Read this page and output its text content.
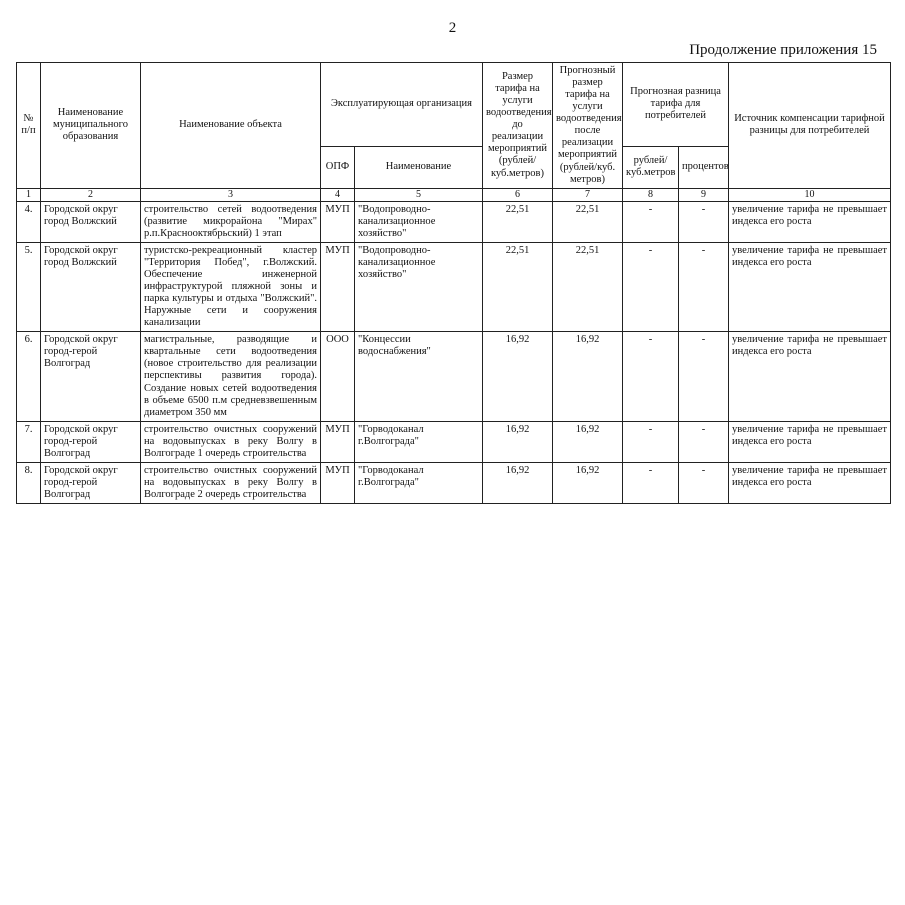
2
Продолжение приложения 15
№ п/п	Наименование муниципального образования	Наименование объекта	Эксплуатирующая организация		Размер тарифа на услуги водоотведения до реализации мероприятий (рублей/куб.метров)	Прогнозный размер тарифа на услуги водоотведения после реализации мероприятий (рублей/куб. метров)	Прогнозная разница тарифа для потребителей		Источник компенсации тарифной разницы для потребителей
			ОПФ	Наименование			рублей/куб.метров	процентов	
1	2	3	4	5	6	7	8	9	10
4.	Городской округ город Волжский	строительство сетей водоотведения (развитие микрорайона "Мирах" р.п.Краснооктябрьский) 1 этап	МУП	"Водопроводно-канализационное хозяйство"	22,51	22,51	-	-	увеличение тарифа не превышает индекса его роста
5.	Городской округ город Волжский	туристско-рекреационный кластер "Территория Побед", г.Волжский. Обеспечение инженерной инфраструктурой пляжной зоны и парка культуры и отдыха "Волжский". Наружные сети и сооружения канализации	МУП	"Водопроводно-канализационное хозяйство"	22,51	22,51	-	-	увеличение тарифа не превышает индекса его роста
6.	Городской округ город-герой Волгоград	магистральные, разводящие и квартальные сети водоотведения (новое строительство для реализации перспективы развития города). Создание новых сетей водоотведения в объеме 6500 п.м средневзвешенным диаметром 350 мм	ООО	"Концессии водоснабжения"	16,92	16,92	-	-	увеличение тарифа не превышает индекса его роста
7.	Городской округ город-герой Волгоград	строительство очистных сооружений на водовыпусках в реку Волгу в Волгограде 1 очередь строительства	МУП	"Горводоканал г.Волгограда"	16,92	16,92	-	-	увеличение тарифа не превышает индекса его роста
8.	Городской округ город-герой Волгоград	строительство очистных сооружений на водовыпусках в реку Волгу в Волгограде 2 очередь строительства	МУП	"Горводоканал г.Волгограда"	16,92	16,92	-	-	увеличение тарифа не превышает индекса его роста
